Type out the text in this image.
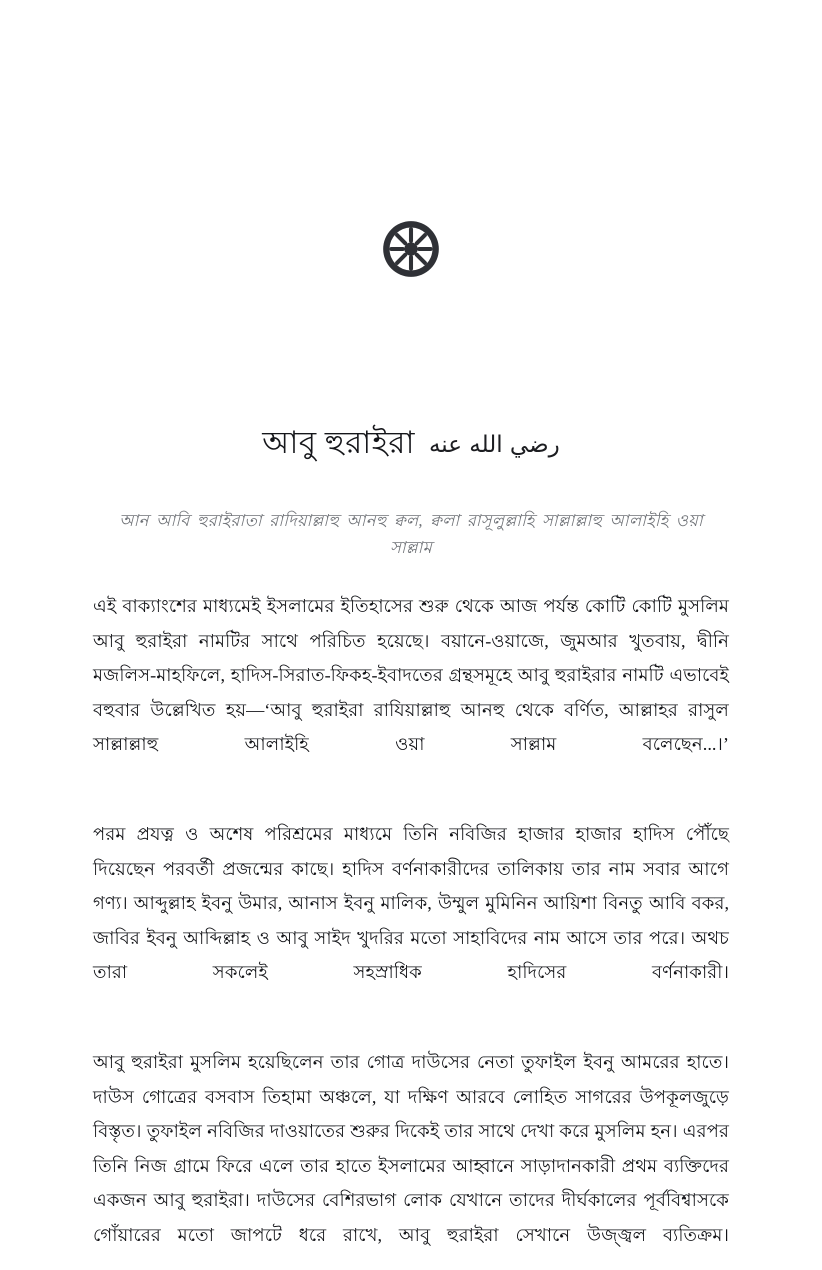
আবু হুরাইরা رضي الله عنه
আন আবি হুরাইরাতা রাদিয়াল্লাহু আনহু ক্বল, ক্বলা রাসূলুল্লাহি সাল্লাল্লাহু আলাইহি ওয়া সাল্লাম

এই বাক্যাংশের মাধ্যমেই ইসলামের ইতিহাসের শুরু থেকে আজ পর্যন্ত কোটি কোটি মুসলিম আবু হুরাইরা নামটির সাথে পরিচিত হয়েছে। বয়ানে-ওয়াজে, জুমআর খুতবায়, দ্বীনি মজলিস-মাহফিলে, হাদিস-সিরাত-ফিকহ-ইবাদতের গ্রন্থসমূহে আবু হুরাইরার নামটি এভাবেই বহুবার উল্লেখিত হয়—‘আবু হুরাইরা রাযিয়াল্লাহু আনহু থেকে বর্ণিত, আল্লাহর রাসুল সাল্লাল্লাহু আলাইহি ওয়া সাল্লাম বলেছেন...।’

পরম প্রযত্ন ও অশেষ পরিশ্রমের মাধ্যমে তিনি নবিজির হাজার হাজার হাদিস পৌঁছে দিয়েছেন পরবর্তী প্রজন্মের কাছে। হাদিস বর্ণনাকারীদের তালিকায় তার নাম সবার আগে গণ্য। আব্দুল্লাহ ইবনু উমার, আনাস ইবনু মালিক, উম্মুল মুমিনিন আয়িশা বিনতু আবি বকর, জাবির ইবনু আব্দিল্লাহ ও আবু সাইদ খুদরির মতো সাহাবিদের নাম আসে তার পরে। অথচ তারা সকলেই সহস্রাধিক হাদিসের বর্ণনাকারী।

আবু হুরাইরা মুসলিম হয়েছিলেন তার গোত্র দাউসের নেতা তুফাইল ইবনু আমরের হাতে। দাউস গোত্রের বসবাস তিহামা অঞ্চলে, যা দক্ষিণ আরবে লোহিত সাগরের উপকূলজুড়ে বিস্তৃত। তুফাইল নবিজির দাওয়াতের শুরুর দিকেই তার সাথে দেখা করে মুসলিম হন। এরপর তিনি নিজ গ্রামে ফিরে এলে তার হাতে ইসলামের আহ্বানে সাড়াদানকারী প্রথম ব্যক্তিদের একজন আবু হুরাইরা। দাউসের বেশিরভাগ লোক যেখানে তাদের দীর্ঘকালের পূর্ববিশ্বাসকে গোঁয়ারের মতো জাপটে ধরে রাখে, আবু হুরাইরা সেখানে উজ্জ্বল ব্যতিক্রম।
